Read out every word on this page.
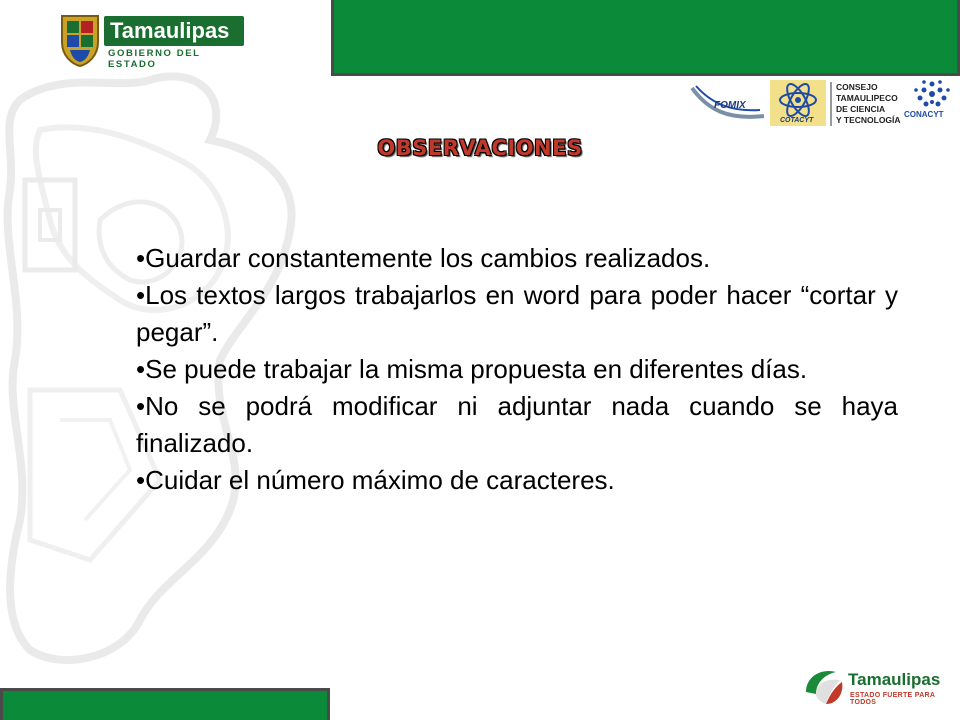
Tamaulipas
GOBIERNO DEL ESTADO
FOMIX
COTACYT
CONSEJO
TAMAULIPECO
DE CIENCIA
Y TECNOLOGÍA
CONACYT
OBSERVACIONES
•Guardar constantemente los cambios realizados.
•Los textos largos trabajarlos en word para poder hacer “cortar y pegar”.
•Se puede trabajar la misma propuesta en diferentes días.
•No se podrá modificar ni adjuntar nada cuando se haya finalizado.
•Cuidar el número máximo de caracteres.
Tamaulipas
ESTADO FUERTE PARA TODOS
